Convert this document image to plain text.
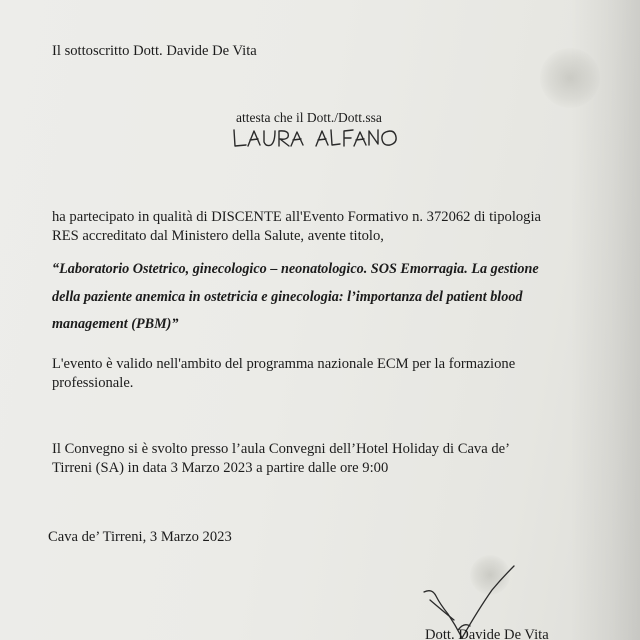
Il sottoscritto Dott. Davide De Vita
attesta che il Dott./Dott.ssa
ha partecipato in qualità di DISCENTE all'Evento Formativo n. 372062 di tipologia
RES accreditato dal Ministero della Salute, avente titolo,
“Laboratorio Ostetrico, ginecologico – neonatologico. SOS Emorragia. La gestione
della paziente anemica in ostetricia e ginecologia: l’importanza del patient blood
management (PBM)”
L'evento è valido nell'ambito del programma nazionale ECM per la formazione
professionale.
Il Convegno si è svolto presso l’aula Convegni dell’Hotel Holiday di Cava de’
Tirreni (SA) in data 3 Marzo 2023 a partire dalle ore 9:00
Cava de’ Tirreni, 3 Marzo 2023
Dott. Davide De Vita
